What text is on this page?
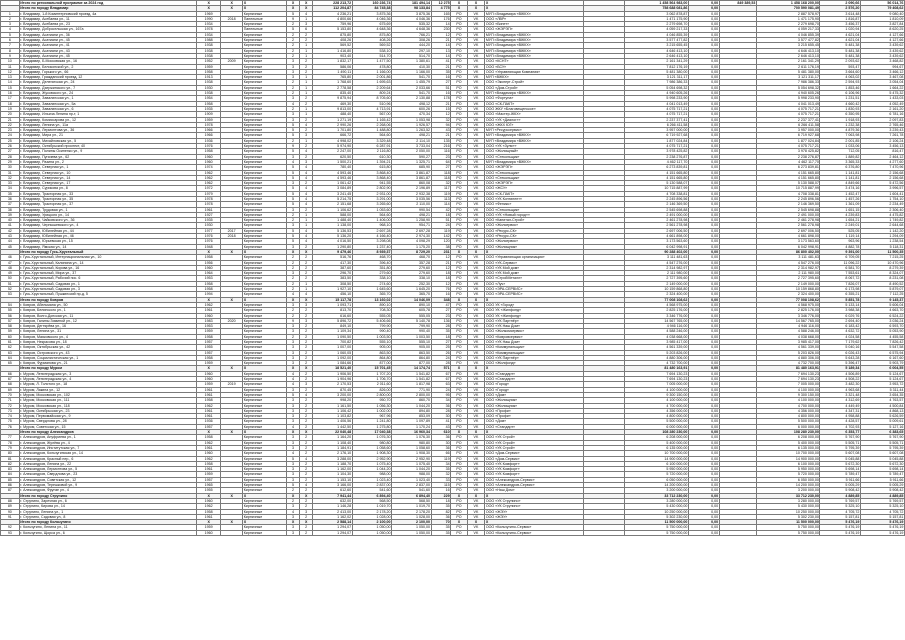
	Итого по региональной программе за 2024 год	X	X	X	X	X	228 213,72	160 236,74	181 494,14	12 275	X	X	X		1 458 564 983,00	0,00	849 389,53	1 458 168 200,00	2 090,66	56 014,76
	Итого по городу Владимир	X	X	X	X	X	112 204,87	84 745,38	98 133,84	4 775	X	X	X		758 688 081,86	0,00		700 590 081,49	2 576,20	79 408,62
1	г. Владимир, 1-й Коминтерновский проезд, 4а	1969		Кирпичные	5	4	4 236,21	3 875,36	3 875,36	165	РО	VK	МУП г.Владимира «ВЖКХ»		3 062 878,87	0,00		2 887 578,97	3 614,48	9 080,40
2	г. Владимир, Асебаева ул., 11	1990	2018	Панельные	9	1	4 800,66	4 046,36	4 046,36	176	РО	VK	ООО «ЛВР»		1 471 175,90	0,00		1 471 175,90	1 816,87	1 810,09
3	г. Владимир, Асебаева ул., 23	1934		Кирпичные	2	3	759,96	675,69	535,32	14	РО	VK	ООО «Бинет»		2 279 698,70	0,00		2 279 698,70	3 456,37	3 827,84
4	г. Владимир, Добросельская ул., 167а	1978		Панельные	5	6	5 153,80	4 648,36	4 648,36	230	РО	VK	ООО «ЖЭРЭП»		4 059 217,33	0,00		4 059 217,33	1 020,94	8 620,25
5	г. Владимир, Асатиани ул., 36	1934		Кирпичные	2	2	875,80	875,80	766,21	12	РО	VK	МУП г.Владимира «ВЖКХ»		4 046 855,39	0,00		4 046 855,39	4 621,04	4 127,66
6	г. Владимир, Асатиани ул., 45	1988		Кирпичные	2	2	408,26	408,26	308,26	21	РО	VK	МУП г.Владимира «ВЖКХ»		3 577 477,82	0,00		3 577 477,82	4 621,04	4 127,66
7	г. Владимир, Асатиани ул., 41	1938		Кирпичные	2	1	569,52	569,52	444,20	14	РО	VK	МУП г.Владимира «ВЖКХ»		3 215 655,45	0,00		3 215 655,45	5 481,38	3 439,62
8	г. Владимир, Асатиани ул., 43	1938		Кирпичные	2	1	1 416,80	538,10	297,10	13	РО	VK	МУП г.Владимира «ВЖКХ»		4 646 413,10	0,00		4 646 413,10	5 481,38	3 439,62
9	г. Владимир, Асатиани ул., 45	1938		Кирпичные	2	1	903,40	514,70	514,70	14	РО	VK	МУП г.Владимира «ВЖКХ»		2 646 413,10	0,00		2 646 413,10	5 481,38	3 439,62
10	г. Владимир, Б.Московская ул., 16	1952	2009	Кирпичные	3	2	1 832,17	1 477,50	1 380,61	41	РО	VK	ООО «КСНТ»		2 161 341,29	0,00		2 161 341,29	2 093,62	3 468,82
11	г. Владимир, Белоконской ул., 2	1959		Кирпичные	3	2	586,06	478,80	410,30	21	РО	VK	ООО «БСУ»		7 812 176,19	0,00		2 611 176,19	593,47	994,67
12	г. Владимир, Горького ул., 66	1958		Кирпичные	3	2	1 490,11	1 166,00	1 166,00	35	РО	VK	ООО «Управляющая Компания»		5 481 380,00	0,00		5 481 380,00	3 664,60	3 466,12
13	г. Владимир, Гражданский проезд, 12	1913		Кирпичные	3	1	765,80	2 001,86	541,70	16	РО	VK	МУП «ВЖКХ»		3 121 311,17	0,00		3 121 311,17	4 063,02	3 467,08
14	г. Владимир, Делегатская ул., 24	1938		Кирпичные	2	1	1 768,60	1 695,63	1 455,79	27	РО	VK	ООО «Эксперт-Строй»		7 986 386,33	0,00		7 986 386,33	2 594,93	3 054,04
15	г. Владимир, Дзержинского ул., 7	1930		Кирпичные	2	1	2 778,58	2 209,64	2 033,66	51	РО	VK	ООО «Дом-Строй»		5 054 698,32	0,00		5 054 698,32	1 853,46	1 664,22
16	г. Владимир, Жуковского ул., 24	1938		Кирпичные	2	1	835,40	809,24	541,70	16	РО	VK	МУП «Владимира «ВЖКХ»		4 940 605,26	0,00		4 940 605,26	6 106,96	5 475,32
17	г. Владимир, Завалинская ул., 1	1954		Кирпичные	3	2	9 875,94	8 705,60	2 130,88	178	РО	VK	ООО «Фортуна»		5 998 233,90	0,00		5 998 233,90	1 231,51	1 433,03
18	г. Владимир, Завалинская ул., 5а	1958		Кирпичные	4	2	469,30	510,96	498,12	21	РО	VK	ООО «СК-ПАКТ»		4 041 013,49	0,00		4 041 013,49	4 660,42	4 052,49
19	г. Владимир, Завалинская ул., 6	1935		Кирпичные	2	1	9 813,00	4 713,91	600,26	15	РО	VK	ООО ЖКУ «Благовещенское»		4 075 717,21	0,00		4 075 717,21	1 830,93	2 161,20
20	г. Владимир, Ильича Ленина пр-т, 1	1909		Кирпичные	3	1	488,40	567,00	470,34	12	РО	VK	ООО «Мастер-ЖКХ»		4 075 717,21	0,00		4 075 717,21	6 350,95	6 781,16
21	г. Владимир, Комиссарова ул., 12	1959		Кирпичные	3	2	1 271,19	1 165,42	1 053,98	32	РО	VK	ООО «УК «Диалог»»		2 237 377,41	0,00		2 237 377,41	1 918,93	2 097,83
22	г. Владимир, Ленина ул., 11а	1978		Кирпичные	5	4	2 990,26	2 268,06	1 926,57	94	РО	VK	ООО «ЖКХ ЮГ»		6 266 411,58	0,00		6 266 411,58	1 232,38	2 765,46
23	г. Владимир, Лермонтова ул., 36	1966		Кирпичные	5	2	1 701,80	1 488,80	1 263,52	43	РО	VK	МУП «Ресурссервис»		3 957 000,00	0,00		3 957 000,00	4 879,36	3 239,43
24	г. Владимир, Мира ул., 21	1966		Кирпичные	5	3	666,72	564,60	498,21	21	РО	VK	МУП «Владимира «ВЖКХ»		6 719 927,68	0,00		6 719 927,68	7 063,98	7 261,78
25	г. Владимир, Михайловская ул., 5	1936		Кирпичные	2	1	4 998,02	3 329,48	2 114,10	135	РО	VK	МУП «Владимира «ВЖКХ»		1 877 024,84	0,00		1 877 024,84	2 001,85	2 106,24
26	г. Владимир, Октябрьский проспект, 40	1976		Кирпичные	9	2	5 974,90	6 287,91	3 733,04	216	РО	VK	ООО «УК «Зуля»»		4 075 717,21	0,00		4 075 717,21	1 033,06	3 456,13
27	г. Владимир, Полины Осипенко ул., 9	1958		Кирпичные	5	4	2 247,00	2 116,80	2 050,00	116	РО	VK	ООО «Жилищный»		3 978 425,82	0,00		3 978 425,82	712,05	816,47
28	г. Владимир, Пугачева ул., 62	1960		Кирпичные	3	2	620,50	610,30	590,27	23	РО	VK	ООО «Стекольщик»		2 238 276,87	0,00		2 238 276,87	1 889,82	2 464,12
29	г. Владимир, Разина ул., 2	1960		Кирпичные	4	3	1 500,21	1 394,21	1 325,71	64	РО	VK	МУП «Владимира «ВЖКХ»		4 462 117,70	0,00		4 462 117,70	3 365,33	4 277,60
30	г. Владимир, Северная ул., 1	1974		Кирпичные	5	4	780,40	615,80	685,90	27	РО	VK	ООО «ЖЭРЭП»		6 273 839,81	0,00		6 273 839,81	6 376,80	7 470,96
31	г. Владимир, Северная ул., 10	1962		Кирпичные	5	4	4 593,46	3 868,40	3 861,87	118	РО	VK	ООО «Стекольщик»		4 151 665,80	0,00		4 151 665,80	1 141,81	2 156,68
32	г. Владимир, Северная ул., 14	1962		Кирпичные	5	4	4 593,46	3 868,40	3 861,87	118	РО	VK	ООО «Стекольщик»		4 151 665,80	0,00		4 151 665,80	1 141,81	2 156,68
33	г. Владимир, Северная ул., 17	1962		Кирпичные	3	2	1 061,42	941,55	860,08	32	РО	VK	ООО «ЖЭРЭП»		5 130 588,07	0,00		5 130 588,07	4 849,66	5 472,56
34	г. Владимир, Сурикова ул., 8	1972		Кирпичные	5	4	3 084,89	2 802,90	2 196,89	117	РО	VK	ООО «ЖСУ»		10 715 887,99	0,00		10 715 887,99	3 474,16	3 996,57
35	г. Владимир, Тракторная ул., 33	1979		Кирпичные	5	4	3 241,45	2 931,00	2 932,38	119	РО	VK	ООО «СК-ПАКТ»		4 708 338,81	0,00		4 708 338,81	1 452,47	1 604,41
36	г. Владимир, Тракторная ул., 35	1978		Кирпичные	5	4	5 214,75	3 291,00	3 035,56	113	РО	VK	ООО «УК Континент»		2 245 896,56	0,00		2 245 896,56	1 457,26	1 754,10
37	г. Владимир, Тракторная ул., 37	1978		Кирпичные	5	4	2 151,68	3 265,60	2 110,00	114	РО	VK	ООО «Феникс»		2 146 369,50	0,00		2 146 369,50	1 361,09	2 234,49
38	г. Владимир, Трудовая ул., 1	1961		Кирпичные	3	2	1 106,62	1 053,60	990,54	42	РО	VK	ООО «Стекольщик»		2 545 698,88	0,00		2 545 698,88	1 651,15	2 306,40
39	г. Владимир, Урицкого ул., 14	1927		Кирпичные	2	1	588,00	564,60	498,21	18	РО	VK	ООО «УК «Новый город»»		2 491 000,00	0,00		2 491 000,00	4 239,83	4 475,82
40	г. Владимир, Чайковского ул., 36	1935		Кирпичные	2	1	1 488,40	1 406,00	1 258,90	51	РО	VK	ООО «Капитал-Строй»		2 461 278,98	0,00		2 461 278,98	1 654,21	1 749,82
41	г. Владимир, Чернышевского ул., 4	1930		Кирпичные	3	1	1 138,00	968,10	954,71	24	РО	VK	ООО «Жилсервис»		2 561 278,98	0,00		2 561 278,98	2 249,01	2 644,68
42	г. Владимир, Юбилейная ул., 44	1977	2017	Кирпичные	5	4	5 136,53	2 697,28	2 697,28	119	РО	VK	ООО «Ресурс-СК»		2 697 006,50	0,00		2 697 006,50	525,05	1 142,20
43	г. Владимир, Юбилейная ул., 46	1976	2018	Кирпичные	5	4	5 136,20	4 166,40	2 974,30	142	РО	VK	ООО «Ресурс-СК»		4 661 898,00	0,00		4 661 898,00	1 119,14	1 294,09
44	г. Владимир, Юрьевская ул., 15	1976		Кирпичные	5	4	4 016,50	3 298,08	4 098,29	120	РО	VK	ООО «Жилсервис»		3 173 563,60	0,00		3 173 563,60	963,96	1 238,54
45	г. Владимир, Ямская ул., 14	1948		Кирпичные	3	2	1 290,80	1 237,40	1 175,20	38	РО	VK	ООО «Жилищник»		6 042 998,91	0,00		6 042 998,91	4 882,78	5 118,31
	Итого по городу Гусь-Хрустальный	X	X	X	X	X	9 479,46	8 939,37	8 729,20	231	X	X	X		90 288 402,00	0,00		86 800 402,00	9 391,00	11 500,35
46	г. Гусь-Хрустальный, Интернациональная ул., 10	1958		Кирпичные	2	2	516,76	468,70	468,70	12	РО	VK	ООО «Управляющая организация»		3 111 481,63	0,00		3 111 481,63	6 709,05	7 215,25
47	г. Гусь-Хрустальный, Калинина ул., 14	1956		Кирпичные	2	2	417,30	396,40	357,28	21	РО	VK	ООО «УК-Сервис»		4 547 276,00	0,00		4 547 276,00	11 096,22	10 470,96
48	г. Гусь-Хрустальный, Кирова ул., 16	1960		Кирпичные	2	2	387,60	351,80	279,60	12	РО	VK	ООО «УК Мой дом»		2 314 982,97	0,00		2 314 982,97	6 581,70	8 279,39
49	г. Гусь-Хрустальный, Мира ул., 37	1964		Кирпичные	3	2	296,70	279,60	279,60	18	РО	VK	ООО «УК Мой дом»		2 111 980,00	0,00		2 111 980,00	7 553,61	8 324,07
50	г. Гусь-Хрустальный, Рабочий пос. 6	1953		Кирпичные	2	2	383,50	338,10	338,10	18	РО	VK	ООО «СтройМеталл»		2 727 395,60	0,00		2 727 395,60	8 067,72	8 231,08
51	г. Гусь-Хрустальный, Садовая ул., 1	1958		Кирпичные	2	1	308,50	274,60	252,30	12	РО	VK	ООО «Луч»		2 149 000,00	0,00		2 149 000,00	7 826,07	8 490,52
52	г. Гусь-Хрустальный, Садовая ул., 3	1958		Кирпичные	2	1	1 927,10	1 645,60	1 645,20	76	РО	VK	ООО «ЭРА-СЕРВИС»		10 159 868,80	0,00		10 159 868,80	6 173,98	5 879,07
53	г. Гусь-Хрустальный, Пушкинский пр-д, 5	1994		Кирпичные	4	4	456,10	365,70	365,70	16	РО	VK	ООО «ЭРА-СЕРВИС»		2 324 400,00	0,00		2 324 400,00	6 355,21	7 112,25
	Итого по городу Ковров	X	X	X	X	X	15 117,78	13 160,02	14 046,09	348	X	X	X		77 008 108,62	0,00		77 008 108,62	5 851,78	9 145,37
54	г. Ковров, Абельмана ул., 50	1962		Кирпичные	3	3	1 093,71	890,10	890,10	47	РО	VK	ООО УК «Город»		4 568 975,00	0,00		4 568 975,00	5 133,14	5 606,04
55	г. Ковров, Белинского ул., 1	1961		Кирпичные	2	2	813,70	708,30	605,78	27	РО	VK	ООО УК «Жилфонд»		2 825 176,00	0,00		2 825 176,00	3 988,38	4 663,70
56	г. Ковров, Волго-Донская ул., 11	1960		Кирпичные	2	2	616,60	555,05	555,05	23	РО	VK	ООО УК «Жилфонд»		3 346 776,00	0,00		3 346 776,00	6 029,76	6 524,22
57	г. Ковров, Галины Зиминой ул., 12	1983	2020	Кирпичные	9	3	5 896,72	5 406,66	5 140,78	136	РО	VK	ООО «УК Партнёр»		14 567 765,00	0,00		14 567 765,00	2 694,40	3 036,24
58	г. Ковров, Дегтярёва ул., 16	1953		Кирпичные	3	2	849,10	799,90	799,90	28	РО	VK	ООО «УК Наш Дом»		4 946 116,00	0,00		4 946 116,00	6 183,42	6 593,70
59	г. Ковров, Ленина ул., 31	1959		Кирпичные	3	2	1 109,34	990,40	990,40	35	РО	VK	ООО «Жилкомсервис»		4 588 246,00	0,00		4 588 246,00	4 632,72	5 053,90
60	г. Ковров, Маяковского ул., 4	1958		Кирпичные	2	2	1 090,50	1 003,50	1 003,50	18	РО	VK	ООО «Ковровсервис»		4 038 668,00	0,00		4 038 668,00	4 024,58	4 455,58
61	г. Ковров, Некрасова ул., 18	1957		Кирпичные	3	2	700,82	555,10	555,10	27	РО	VK	ООО «УК Наш Дом»		3 985 417,00	0,00		3 985 417,00	7 179,62	7 826,42
62	г. Ковров, Октябрьская ул., 42	1955		Кирпичные	3	2	1 007,00	905,00	905,00	25	РО	VK	ООО «Коммунальщик»		4 561 339,00	0,00		4 561 339,00	5 040,16	5 547,58
63	г. Ковров, Островского ул., 43	1957		Кирпичные	3	2	1 060,05	863,50	863,50	26	РО	VK	ООО «Коммунальщик»		5 203 826,00	0,00		5 203 826,00	6 026,43	6 575,94
64	г. Ковров, Социалистическая ул., 1	1958		Кирпичные	3	2	1 092,00	864,80	864,80	24	РО	VK	ООО «УК Партнёр»		4 880 306,00	0,00		4 880 306,00	5 643,28	6 167,60
65	г. Ковров, Фурманова ул., 21	1959		Кирпичные	3	2	1 084,66	877,00	877,00	28	РО	VK	ООО «Жилфонд»		4 732 700,00	0,00		4 732 700,00	5 396,47	5 903,79
	Итого по городу Муром	X	X	X	X	X	18 521,40	15 701,45	14 174,74	571	X	X	X		81 480 163,91	0,00		81 480 163,91	5 189,34	6 004,55
66	г. Муром, Ленинградская ул., 3	1960		Кирпичные	4	2	1 906,50	1 707,20	1 541,82	67	РО	VK	ООО «Стандарт»		7 694 130,23	0,00		7 694 130,23	4 506,89	5 124,67
67	г. Муром, Ленинградская ул., 4	1960		Кирпичные	4	2	1 904,96	1 706,70	1 541,82	67	РО	VK	ООО «Стандарт»		7 694 130,23	0,00		7 694 130,23	4 508,22	5 124,67
68	г. Муром, Л. Толстого ул., 18	1959	2019	Кирпичные	4	3	2 170,53	2 011,60	1 817,98	63	РО	VK	ООО «Город»		7 005 000,00	0,00		7 005 000,00	3 482,30	3 953,72
69	г. Муром, Лакина ул., 12	1961		Кирпичные	3	2	870,45	826,00	771,90	24	РО	VK	ООО «Город»		4 100 000,00	0,00		4 100 000,00	4 963,68	5 311,44
70	г. Муром, Московская ул., 102	1961		Кирпичные	5	4	3 200,00	2 800,00	2 800,00	95	РО	VK	ООО «Дом»		9 300 150,00	0,00		9 300 150,00	3 321,48	3 654,35
71	г. Муром, Московская ул., 111	1958		Кирпичные	3	2	998,20	950,70	860,70	34	РО	VK	ООО «Жилищник»		4 100 000,00	0,00		4 100 000,00	4 312,69	4 763,57
72	г. Муром, Московская ул., 118	1962		Кирпичные	3	2	1 161,50	1 056,30	1 044,20	36	РО	VK	ООО «Жилищник»		4 700 000,00	0,00		4 700 000,00	4 449,49	4 500,84
73	г. Муром, Октябрьская ул., 23	1961		Кирпичные	3	2	1 106,42	1 002,00	894,80	28	РО	VK	ООО «Профи»		4 356 000,00	0,00		4 356 000,00	4 347,31	4 868,13
74	г. Муром, Первомайская ул., 9	1961		Кирпичные	3	2	1 103,82	967,96	853,09	30	РО	VK	ООО «Профи»		4 800 000,00	0,00		4 800 000,00	4 958,88	5 626,59
75	г. Муром, Свердлова ул., 28	1936		Кирпичные	3	2	1 406,56	1 241,80	1 097,89	41	РО	VK	ООО «Дом»		5 500 000,00	0,00		5 500 000,00	4 428,57	5 009,61
76	г. Муром, Советская ул., 15	1957		Кирпичные	4	2	1 442,50	1 275,80	1 170,24	43	РО	VK	ООО «Стандарт»		6 000 000,00	0,00		6 000 000,00	4 702,93	5 127,16
	Итого по городу Александров	X	X	X	X	X	22 040,48	17 040,38	16 960,34	610	X	X	X		108 280 230,00	0,00		108 280 230,00	6 353,77	6 383,65
77	г. Александров, Ануфриева ул., 1	1958		Кирпичные	3	2	1 164,20	1 076,30	1 076,30	36	РО	VK	ООО «УК Строй»		6 208 000,00	0,00		6 208 000,00	5 767,90	5 767,90
78	г. Александров, Жулёва ул., 4	1962		Кирпичные	3	2	1 108,40	980,80	980,80	30	РО	VK	ООО «УК Строй»		5 400 000,00	0,00		5 400 000,00	5 505,71	5 505,71
79	г. Александров, Институтская ул., 7	1961		Кирпичные	3	2	1 184,91	1 058,60	1 058,60	36	РО	VK	ООО «УК Строй»		6 135 000,00	0,00		6 135 000,00	5 795,39	5 795,39
80	г. Александров, Кольчугинская ул., 14	1960		Кирпичные	4	2	2 176,10	1 908,30	1 908,30	66	РО	VK	ООО «Дом-Сервис»		10 700 000,00	0,00		10 700 000,00	5 607,08	5 607,08
81	г. Александров, Красный пер., 6	1962		Кирпичные	5	4	3 288,00	2 952,90	2 952,90	119	РО	VK	ООО «Дом-Сервис»		14 900 000,00	0,00		14 900 000,00	5 045,88	5 045,88
82	г. Александров, Ленина ул., 22	1958		Кирпичные	3	2	1 188,70	1 075,40	1 075,40	34	РО	VK	ООО «УК Комфорт»		6 100 000,00	0,00		6 100 000,00	5 672,30	5 672,30
83	г. Александров, Лермонтова ул., 5	1961		Кирпичные	3	2	1 162,00	1 044,20	1 044,20	35	РО	VK	ООО «УК Комфорт»		5 950 000,00	0,00		5 950 000,00	5 698,14	5 698,14
84	г. Александров, Свердлова ул., 23	1959		Кирпичные	3	2	1 104,30	988,00	988,00	32	РО	VK	ООО «УК Комфорт»		5 720 000,00	0,00		5 720 000,00	5 789,47	5 789,47
85	г. Александров, Советская ул., 12	1957		Кирпичные	3	2	1 153,10	1 023,40	1 023,40	33	РО	VK	ООО «Александров-Сервис»		6 050 000,00	0,00		6 050 000,00	5 911,66	5 911,66
86	г. Александров, Терешковой ул., 9	1965		Кирпичные	5	4	3 166,00	2 837,00	2 837,00	115	РО	VK	ООО «Александров-Сервис»		14 200 000,00	0,00		14 200 000,00	5 005,29	5 005,29
87	г. Александров, Фрунзе ул., 4	1955		Кирпичные	2	2	612,60	541,60	541,60	16	РО	VK	ООО «Наш Дом»		3 200 000,00	0,00		3 200 000,00	5 908,42	5 908,42
	Итого по городу Струнино	X	X	X	X	X	7 941,44	6 894,40	6 894,40	229	X	X	X		33 712 230,00	0,00		33 712 230,00	4 889,85	4 889,85
88	г. Струнино, Заречная ул., 6	1960		Кирпичные	2	2	632,00	568,50	568,50	18	РО	VK	ООО «УК Струнино»		3 280 000,00	0,00		3 280 000,00	5 769,57	5 769,57
89	г. Струнино, Кирова ул., 14	1962		Кирпичные	3	2	1 146,28	1 019,70	1 019,70	35	РО	VK	ООО «УК Струнино»		5 430 000,00	0,00		5 430 000,00	5 325,10	5 325,10
90	г. Струнино, Ленина ул., 1	1958		Кирпичные	4	3	2 413,00	2 178,20	2 178,20	82	РО	VK	ООО «ЖЭУ»		10 250 000,00	0,00		10 250 000,00	4 705,72	4 705,72
91	г. Струнино, Садовая ул., 8	1961		Кирпичные	3	2	1 162,02	1 028,00	1 028,00	36	РО	VK	ООО «ЖЭУ»		5 302 230,00	0,00		5 302 230,00	5 157,81	5 157,81
	Итого по городу Кольчугино	X	X	X	X	X	2 588,14	2 100,00	2 100,00	70	X	X	X		11 500 000,00	0,00		11 500 000,00	5 476,19	5 476,19
92	г. Кольчугино, Ленина ул., 11	1959		Кирпичные	3	2	1 294,07	1 050,00	1 050,00	35	РО	VK	ООО «Кольчугино-Сервис»		5 750 000,00	0,00		5 750 000,00	5 476,19	5 476,19
93	г. Кольчугино, Щорса ул., 6	1960		Кирпичные	3	2	1 294,07	1 050,00	1 050,00	35	РО	VK	ООО «Кольчугино-Сервис»		5 750 000,00	0,00		5 750 000,00	5 476,19	5 476,19
